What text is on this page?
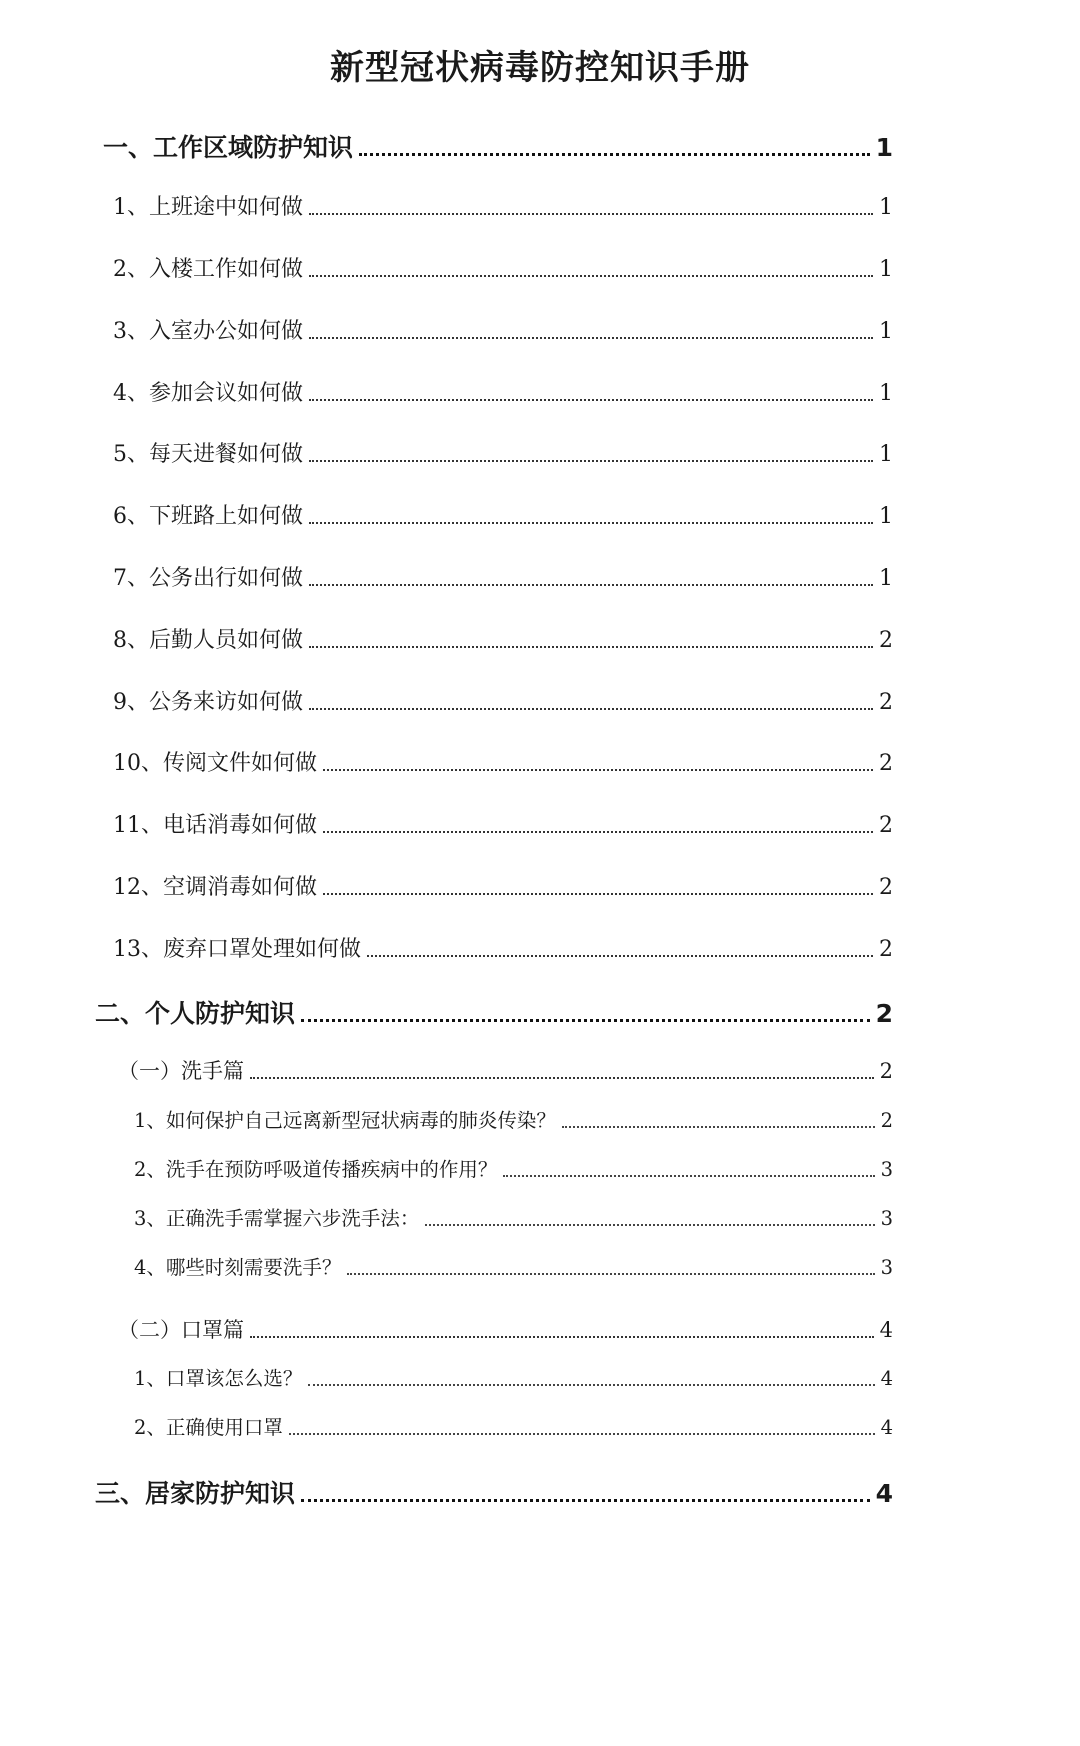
新型冠状病毒防控知识手册
一、工作区域防护知识	1
1、上班途中如何做	1
2、入楼工作如何做	1
3、入室办公如何做	1
4、参加会议如何做	1
5、每天进餐如何做	1
6、下班路上如何做	1
7、公务出行如何做	1
8、后勤人员如何做	2
9、公务来访如何做	2
10、传阅文件如何做	2
11、电话消毒如何做	2
12、空调消毒如何做	2
13、废弃口罩处理如何做	2
二、个人防护知识	2
（一）洗手篇	2
1、如何保护自己远离新型冠状病毒的肺炎传染？	2
2、洗手在预防呼吸道传播疾病中的作用？	3
3、正确洗手需掌握六步洗手法：	3
4、哪些时刻需要洗手？	3
（二）口罩篇	4
1、口罩该怎么选？	4
2、正确使用口罩	4
三、居家防护知识	4
